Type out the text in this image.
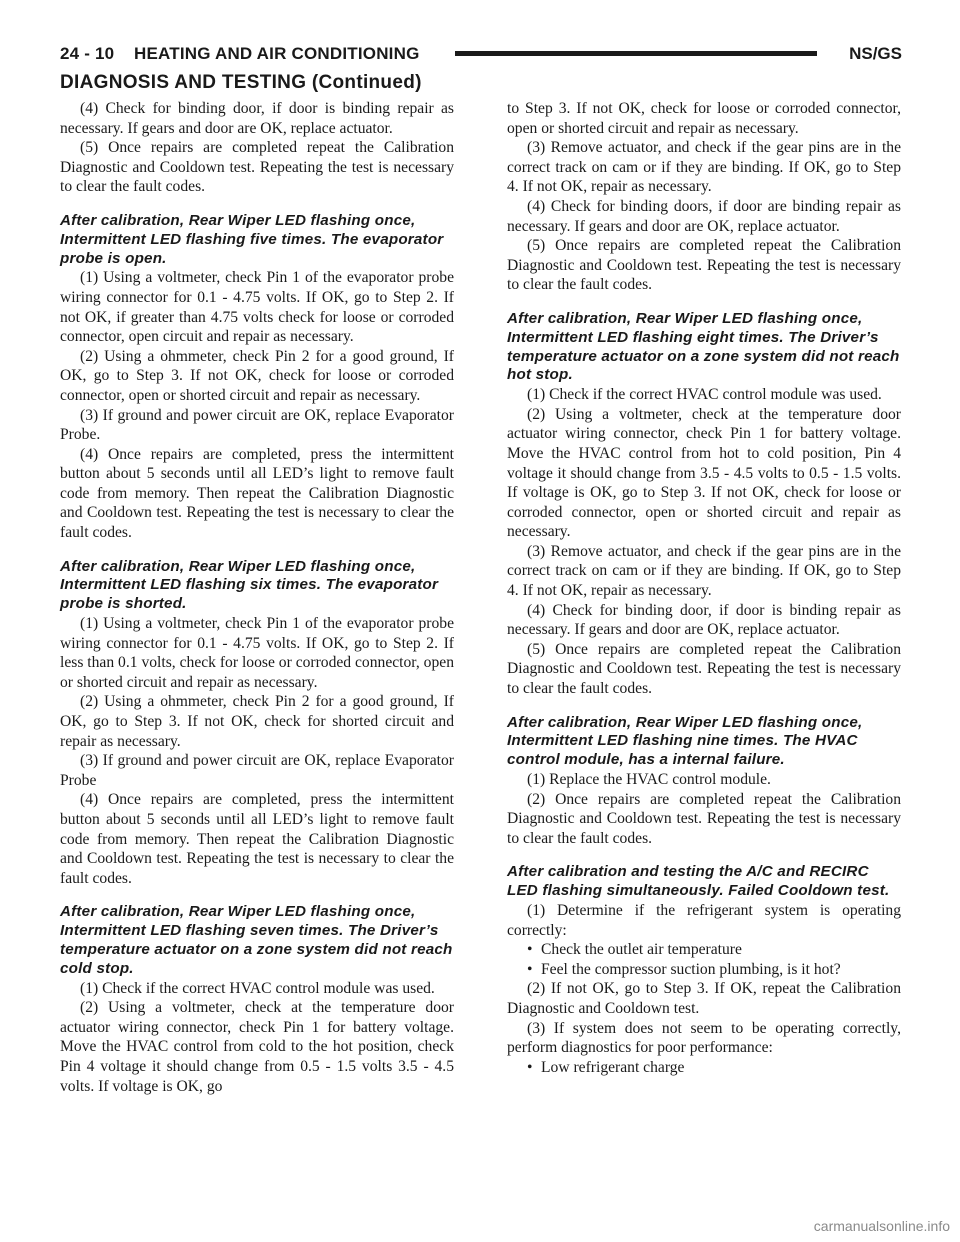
24 - 10 HEATING AND AIR CONDITIONING	NS/GS
DIAGNOSIS AND TESTING (Continued)

(4) Check for binding door, if door is binding repair as necessary. If gears and door are OK, replace actuator.

(5) Once repairs are completed repeat the Calibration Diagnostic and Cooldown test. Repeating the test is necessary to clear the fault codes.

After calibration, Rear Wiper LED flashing once, Intermittent LED flashing five times. The evaporator probe is open.

(1) Using a voltmeter, check Pin 1 of the evaporator probe wiring connector for 0.1 - 4.75 volts. If OK, go to Step 2. If not OK, if greater than 4.75 volts check for loose or corroded connector, open circuit and repair as necessary.

(2) Using a ohmmeter, check Pin 2 for a good ground, If OK, go to Step 3. If not OK, check for loose or corroded connector, open or shorted circuit and repair as necessary.

(3) If ground and power circuit are OK, replace Evaporator Probe.

(4) Once repairs are completed, press the intermittent button about 5 seconds until all LED’s light to remove fault code from memory. Then repeat the Calibration Diagnostic and Cooldown test. Repeating the test is necessary to clear the fault codes.

After calibration, Rear Wiper LED flashing once, Intermittent LED flashing six times. The evaporator probe is shorted.

(1) Using a voltmeter, check Pin 1 of the evaporator probe wiring connector for 0.1 - 4.75 volts. If OK, go to Step 2. If less than 0.1 volts, check for loose or corroded connector, open or shorted circuit and repair as necessary.

(2) Using a ohmmeter, check Pin 2 for a good ground, If OK, go to Step 3. If not OK, check for shorted circuit and repair as necessary.

(3) If ground and power circuit are OK, replace Evaporator Probe

(4) Once repairs are completed, press the intermittent button about 5 seconds until all LED’s light to remove fault code from memory. Then repeat the Calibration Diagnostic and Cooldown test. Repeating the test is necessary to clear the fault codes.

After calibration, Rear Wiper LED flashing once, Intermittent LED flashing seven times. The Driver’s temperature actuator on a zone system did not reach cold stop.

(1) Check if the correct HVAC control module was used.

(2) Using a voltmeter, check at the temperature door actuator wiring connector, check Pin 1 for battery voltage. Move the HVAC control from cold to the hot position, check Pin 4 voltage it should change from 0.5 - 1.5 volts 3.5 - 4.5 volts. If voltage is OK, go

to Step 3. If not OK, check for loose or corroded connector, open or shorted circuit and repair as necessary.

(3) Remove actuator, and check if the gear pins are in the correct track on cam or if they are binding. If OK, go to Step 4. If not OK, repair as necessary.

(4) Check for binding doors, if door are binding repair as necessary. If gears and door are OK, replace actuator.

(5) Once repairs are completed repeat the Calibration Diagnostic and Cooldown test. Repeating the test is necessary to clear the fault codes.

After calibration, Rear Wiper LED flashing once, Intermittent LED flashing eight times. The Driver’s temperature actuator on a zone system did not reach hot stop.

(1) Check if the correct HVAC control module was used.

(2) Using a voltmeter, check at the temperature door actuator wiring connector, check Pin 1 for battery voltage. Move the HVAC control from hot to cold position, Pin 4 voltage it should change from 3.5 - 4.5 volts to 0.5 - 1.5 volts. If voltage is OK, go to Step 3. If not OK, check for loose or corroded connector, open or shorted circuit and repair as necessary.

(3) Remove actuator, and check if the gear pins are in the correct track on cam or if they are binding. If OK, go to Step 4. If not OK, repair as necessary.

(4) Check for binding door, if door is binding repair as necessary. If gears and door are OK, replace actuator.

(5) Once repairs are completed repeat the Calibration Diagnostic and Cooldown test. Repeating the test is necessary to clear the fault codes.

After calibration, Rear Wiper LED flashing once, Intermittent LED flashing nine times. The HVAC control module, has a internal failure.

(1) Replace the HVAC control module.

(2) Once repairs are completed repeat the Calibration Diagnostic and Cooldown test. Repeating the test is necessary to clear the fault codes.

After calibration and testing the A/C and RECIRC LED flashing simultaneously. Failed Cooldown test.

(1) Determine if the refrigerant system is operating correctly:

• Check the outlet air temperature
• Feel the compressor suction plumbing, is it hot?

(2) If not OK, go to Step 3. If OK, repeat the Calibration Diagnostic and Cooldown test.

(3) If system does not seem to be operating correctly, perform diagnostics for poor performance:

• Low refrigerant charge
carmanualsonline.info
